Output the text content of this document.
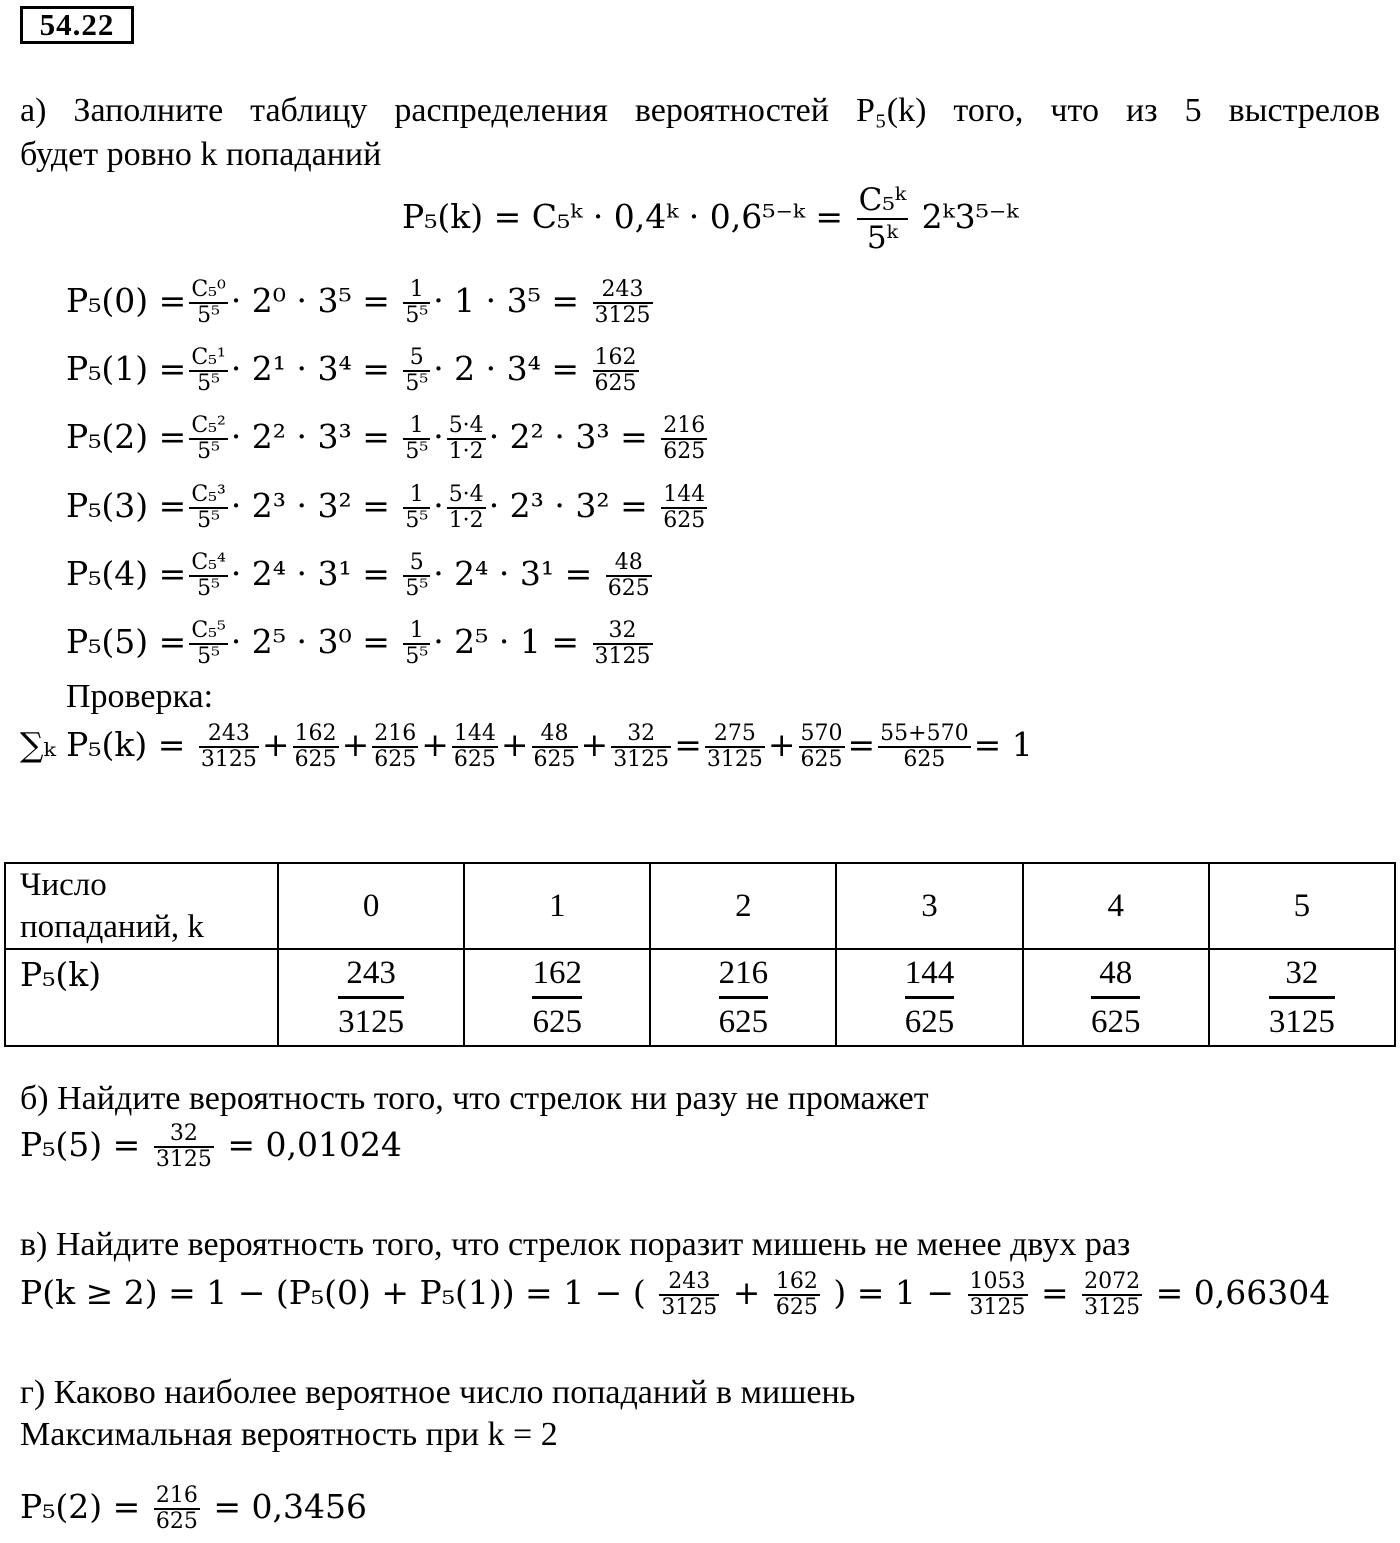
54.22
а) Заполните таблицу распределения вероятностей P₅(k) того, что из 5 выстрелов
будет ровно k попаданий
P₅(k) = C₅ᵏ · 0,4ᵏ · 0,6⁵⁻ᵏ = $\frac{\text{C₅ᵏ}}{\text{5ᵏ}}$ 2ᵏ3⁵⁻ᵏ
$P_5(0) = \frac{\text{C₅⁰}}{\text{5⁵}} \cdot 2^0 \cdot 3^5 = \frac{1}{\text{5⁵}} \cdot 1 \cdot 3^5 = \frac{243}{3125}$
$P_5(1) = \frac{\text{C₅¹}}{\text{5⁵}} \cdot 2^1 \cdot 3^4 = \frac{5}{\text{5⁵}} \cdot 2 \cdot 3^4 = \frac{162}{625}$
$P_5(2) = \frac{\text{C₅²}}{\text{5⁵}} \cdot 2^2 \cdot 3^3 = \frac{1}{\text{5⁵}} \cdot \frac{5\cdot 4}{1\cdot 2} \cdot 2^2 \cdot 3^3 = \frac{216}{625}$
$P_5(3) = \frac{\text{C₅³}}{\text{5⁵}} \cdot 2^3 \cdot 3^2 = \frac{1}{\text{5⁵}} \cdot \frac{5\cdot 4}{1\cdot 2} \cdot 2^3 \cdot 3^2 = \frac{144}{625}$
$P_5(4) = \frac{\text{C₅⁴}}{\text{5⁵}} \cdot 2^4 \cdot 3^1 = \frac{5}{\text{5⁵}} \cdot 2^4 \cdot 3^1 = \frac{48}{625}$
$P_5(5) = \frac{\text{C₅⁵}}{\text{5⁵}} \cdot 2^5 \cdot 3^0 = \frac{1}{\text{5⁵}} \cdot 2^5 \cdot 1 = \frac{32}{3125}$
Проверка:
∑ₖ $P_5(k) = \frac{243}{3125} + \frac{162}{625} + \frac{216}{625} + \frac{144}{625} + \frac{48}{625} + \frac{32}{3125} = \frac{275}{3125} + \frac{570}{625} = \frac{55+570}{625} = 1$
Число
попаданий, k	0	1	2	3	4	5
P₅(k)	$\frac{243}{3125}$	$\frac{162}{625}$	$\frac{216}{625}$	$\frac{144}{625}$	$\frac{48}{625}$	$\frac{32}{3125}$
б) Найдите вероятность того, что стрелок ни разу не промажет
$P_5(5) = \frac{32}{3125} = 0,01024$
в) Найдите вероятность того, что стрелок поразит мишень не менее двух раз
P(k ≥ 2) = 1 − (P₅(0) + P₅(1)) = 1 − ( $\frac{243}{3125} + \frac{162}{625}$ ) = $1 - \frac{1053}{3125} = \frac{2072}{3125} = 0,66304$
г) Каково наиболее вероятное число попаданий в мишень
Максимальная вероятность при k = 2
$P_5(2) = \frac{216}{625} = 0,3456$
